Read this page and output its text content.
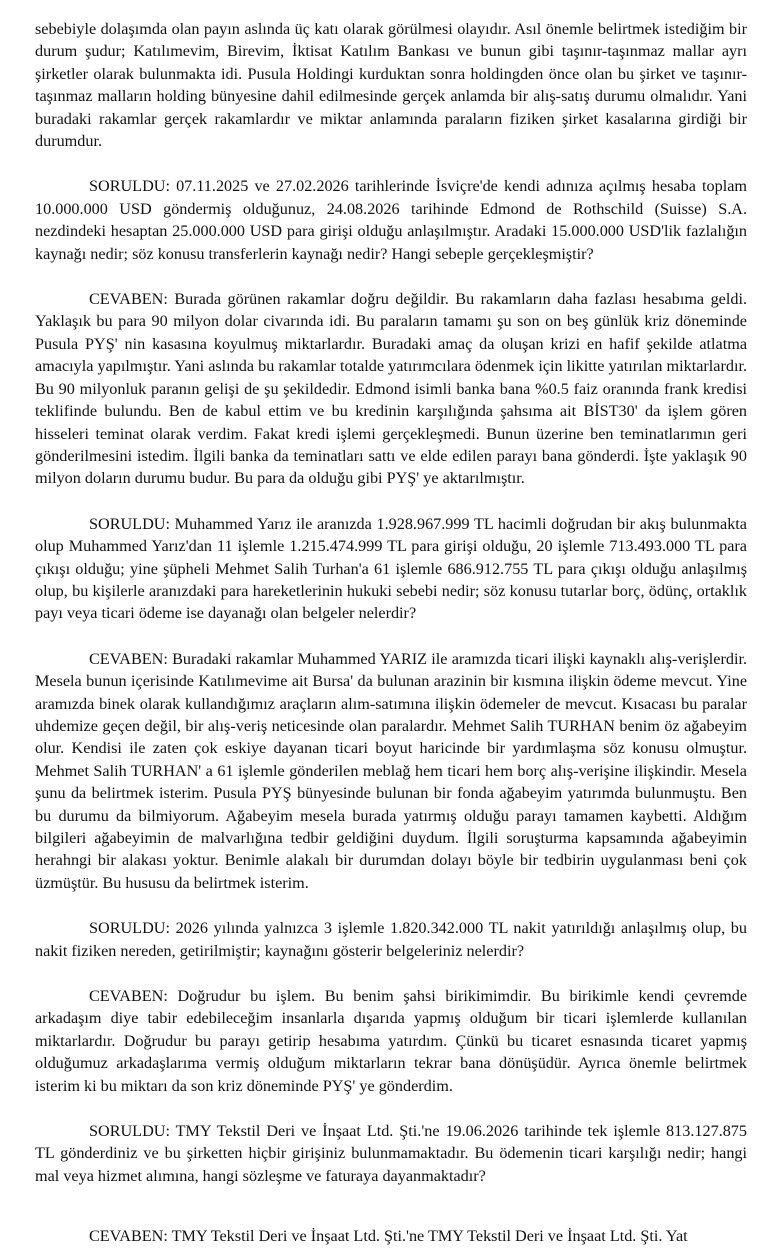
sebebiyle dolaşımda olan payın aslında üç katı olarak görülmesi olayıdır. Asıl önemle belirtmek istediğim bir durum şudur; Katılımevim, Birevim, İktisat Katılım Bankası ve bunun gibi taşınır-taşınmaz mallar ayrı şirketler olarak bulunmakta idi. Pusula Holdingi kurduktan sonra holdingden önce olan bu şirket ve taşınır-taşınmaz malların holding bünyesine dahil edilmesinde gerçek anlamda bir alış-satış durumu olmalıdır. Yani buradaki rakamlar gerçek rakamlardır ve miktar anlamında paraların fiziken şirket kasalarına girdiği bir durumdur.

SORULDU: 07.11.2025 ve 27.02.2026 tarihlerinde İsviçre'de kendi adınıza açılmış hesaba toplam 10.000.000 USD göndermiş olduğunuz, 24.08.2026 tarihinde Edmond de Rothschild (Suisse) S.A. nezdindeki hesaptan 25.000.000 USD para girişi olduğu anlaşılmıştır. Aradaki 15.000.000 USD'lik fazlalığın kaynağı nedir; söz konusu transferlerin kaynağı nedir? Hangi sebeple gerçekleşmiştir?

CEVABEN: Burada görünen rakamlar doğru değildir. Bu rakamların daha fazlası hesabıma geldi. Yaklaşık bu para 90 milyon dolar civarında idi. Bu paraların tamamı şu son on beş günlük kriz döneminde Pusula PYŞ' nin kasasına koyulmuş miktarlardır. Buradaki amaç da oluşan krizi en hafif şekilde atlatma amacıyla yapılmıştır. Yani aslında bu rakamlar totalde yatırımcılara ödenmek için likitte yatırılan miktarlardır. Bu 90 milyonluk paranın gelişi de şu şekildedir. Edmond isimli banka bana %0.5 faiz oranında frank kredisi teklifinde bulundu. Ben de kabul ettim ve bu kredinin karşılığında şahsıma ait BİST30' da işlem gören hisseleri teminat olarak verdim. Fakat kredi işlemi gerçekleşmedi. Bunun üzerine ben teminatlarımın geri gönderilmesini istedim. İlgili banka da teminatları sattı ve elde edilen parayı bana gönderdi. İşte yaklaşık 90 milyon doların durumu budur. Bu para da olduğu gibi PYŞ' ye aktarılmıştır.

SORULDU: Muhammed Yarız ile aranızda 1.928.967.999 TL hacimli doğrudan bir akış bulunmakta olup Muhammed Yarız'dan 11 işlemle 1.215.474.999 TL para girişi olduğu, 20 işlemle 713.493.000 TL para çıkışı olduğu; yine şüpheli Mehmet Salih Turhan'a 61 işlemle 686.912.755 TL para çıkışı olduğu anlaşılmış olup, bu kişilerle aranızdaki para hareketlerinin hukuki sebebi nedir; söz konusu tutarlar borç, ödünç, ortaklık payı veya ticari ödeme ise dayanağı olan belgeler nelerdir?

CEVABEN: Buradaki rakamlar Muhammed YARIZ ile aramızda ticari ilişki kaynaklı alış-verişlerdir. Mesela bunun içerisinde Katılımevime ait Bursa' da bulunan arazinin bir kısmına ilişkin ödeme mevcut. Yine aramızda binek olarak kullandığımız araçların alım-satımına ilişkin ödemeler de mevcut. Kısacası bu paralar uhdemize geçen değil, bir alış-veriş neticesinde olan paralardır. Mehmet Salih TURHAN benim öz ağabeyim olur. Kendisi ile zaten çok eskiye dayanan ticari boyut haricinde bir yardımlaşma söz konusu olmuştur. Mehmet Salih TURHAN' a 61 işlemle gönderilen meblağ hem ticari hem borç alış-verişine ilişkindir. Mesela şunu da belirtmek isterim. Pusula PYŞ bünyesinde bulunan bir fonda ağabeyim yatırımda bulunmuştu. Ben bu durumu da bilmiyorum. Ağabeyim mesela burada yatırmış olduğu parayı tamamen kaybetti. Aldığım bilgileri ağabeyimin de malvarlığına tedbir geldiğini duydum. İlgili soruşturma kapsamında ağabeyimin herahngi bir alakası yoktur. Benimle alakalı bir durumdan dolayı böyle bir tedbirin uygulanması beni çok üzmüştür. Bu hususu da belirtmek isterim.

SORULDU: 2026 yılında yalnızca 3 işlemle 1.820.342.000 TL nakit yatırıldığı anlaşılmış olup, bu nakit fiziken nereden, getirilmiştir; kaynağını gösterir belgeleriniz nelerdir?

CEVABEN: Doğrudur bu işlem. Bu benim şahsi birikimimdir. Bu birikimle kendi çevremde arkadaşım diye tabir edebileceğim insanlarla dışarıda yapmış olduğum bir ticari işlemlerde kullanılan miktarlardır. Doğrudur bu parayı getirip hesabıma yatırdım. Çünkü bu ticaret esnasında ticaret yapmış olduğumuz arkadaşlarıma vermiş olduğum miktarların tekrar bana dönüşüdür. Ayrıca önemle belirtmek isterim ki bu miktarı da son kriz döneminde PYŞ' ye gönderdim.

SORULDU: TMY Tekstil Deri ve İnşaat Ltd. Şti.'ne 19.06.2026 tarihinde tek işlemle 813.127.875 TL gönderdiniz ve bu şirketten hiçbir girişiniz bulunmamaktadır. Bu ödemenin ticari karşılığı nedir; hangi mal veya hizmet alımına, hangi sözleşme ve faturaya dayanmaktadır?

CEVABEN: TMY Tekstil Deri ve İnşaat Ltd. Şti.'ne TMY Tekstil Deri ve İnşaat Ltd. Şti. Yat
